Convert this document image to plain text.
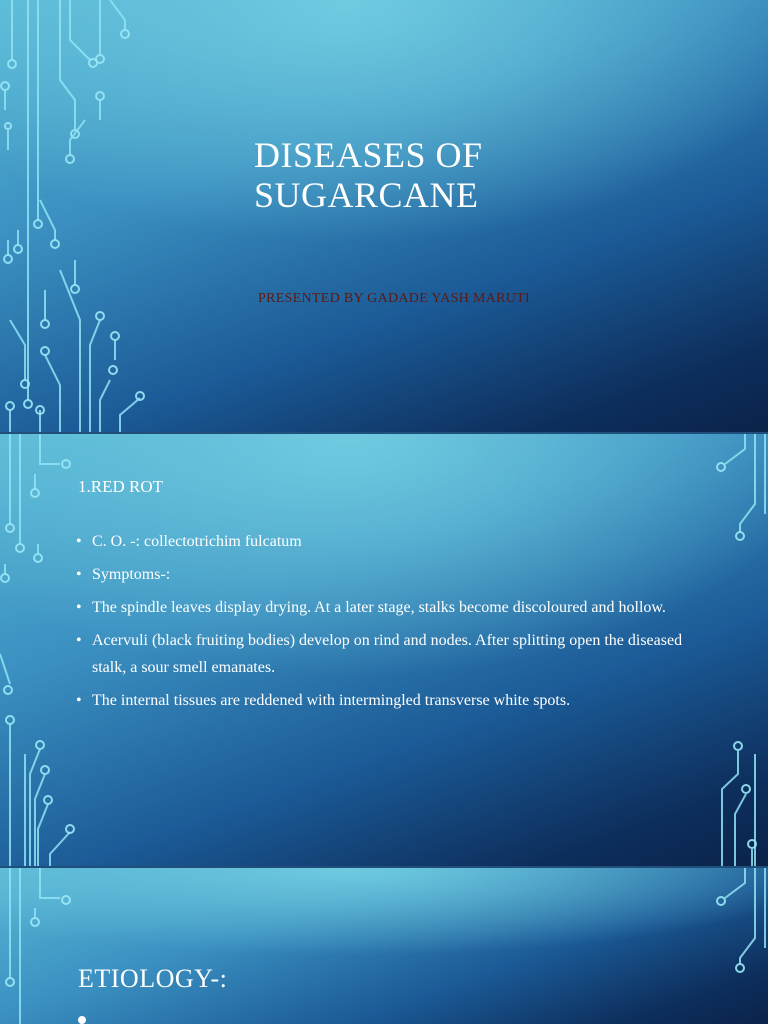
DISEASES OF
SUGARCANE

PRESENTED BY GADADE YASH MARUTI

1.RED ROT
• C. O. -: collectotrichim fulcatum
• Symptoms-:
• The spindle leaves display drying. At a later stage, stalks become discoloured and hollow.
• Acervuli (black fruiting bodies) develop on rind and nodes. After splitting open the diseased stalk, a sour smell emanates.
• The internal tissues are reddened with intermingled transverse white spots.
ETIOLOGY-:
